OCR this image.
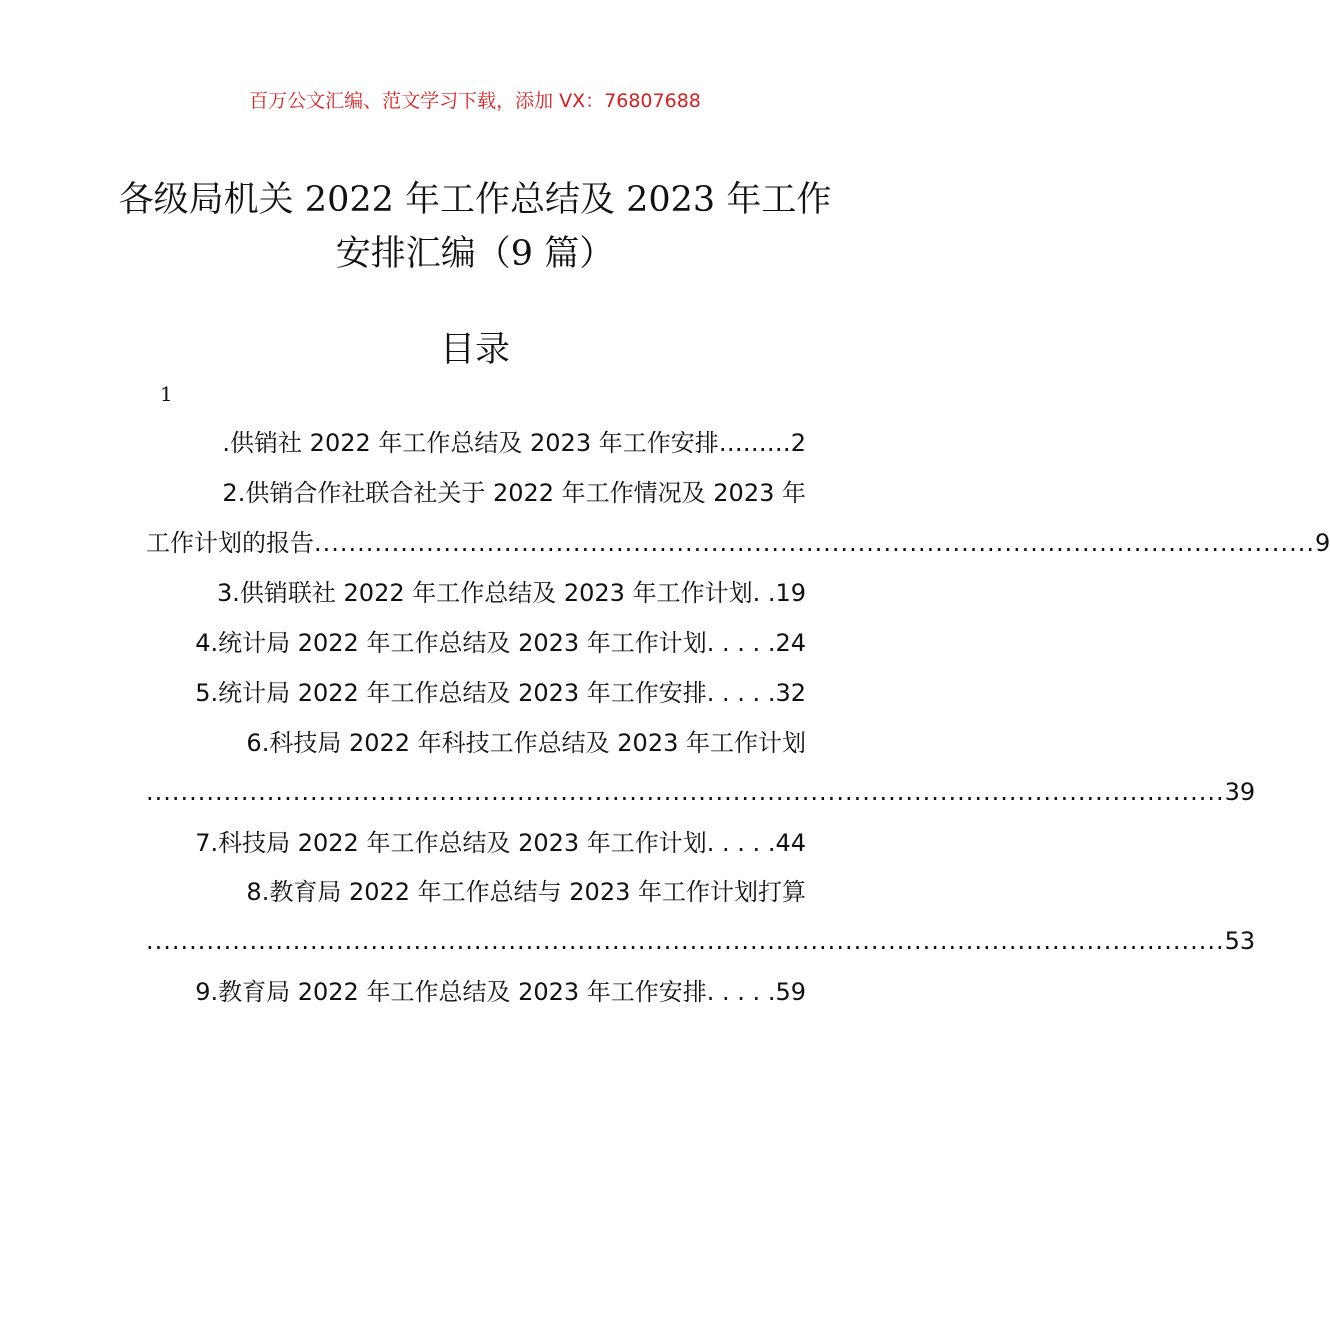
百万公文汇编、范文学习下载，添加 VX：76807688
各级局机关 2022 年工作总结及 2023 年工作
安排汇编（9 篇）
目录
1
.供销社 2022 年工作总结及 2023 年工作安排………2
2.供销合作社联合社关于 2022 年工作情况及 2023 年
工作计划的报告 .................................................................................................................... 9
3.供销联社 2022 年工作总结及 2023 年工作计划. .19
4.统计局 2022 年工作总结及 2023 年工作计划. . . . .24
5.统计局 2022 年工作总结及 2023 年工作安排. . . . .32
6.科技局 2022 年科技工作总结及 2023 年工作计划
............................................................................................................................. 39
7.科技局 2022 年工作总结及 2023 年工作计划. . . . .44
8.教育局 2022 年工作总结与 2023 年工作计划打算
............................................................................................................................. 53
9.教育局 2022 年工作总结及 2023 年工作安排. . . . .59
